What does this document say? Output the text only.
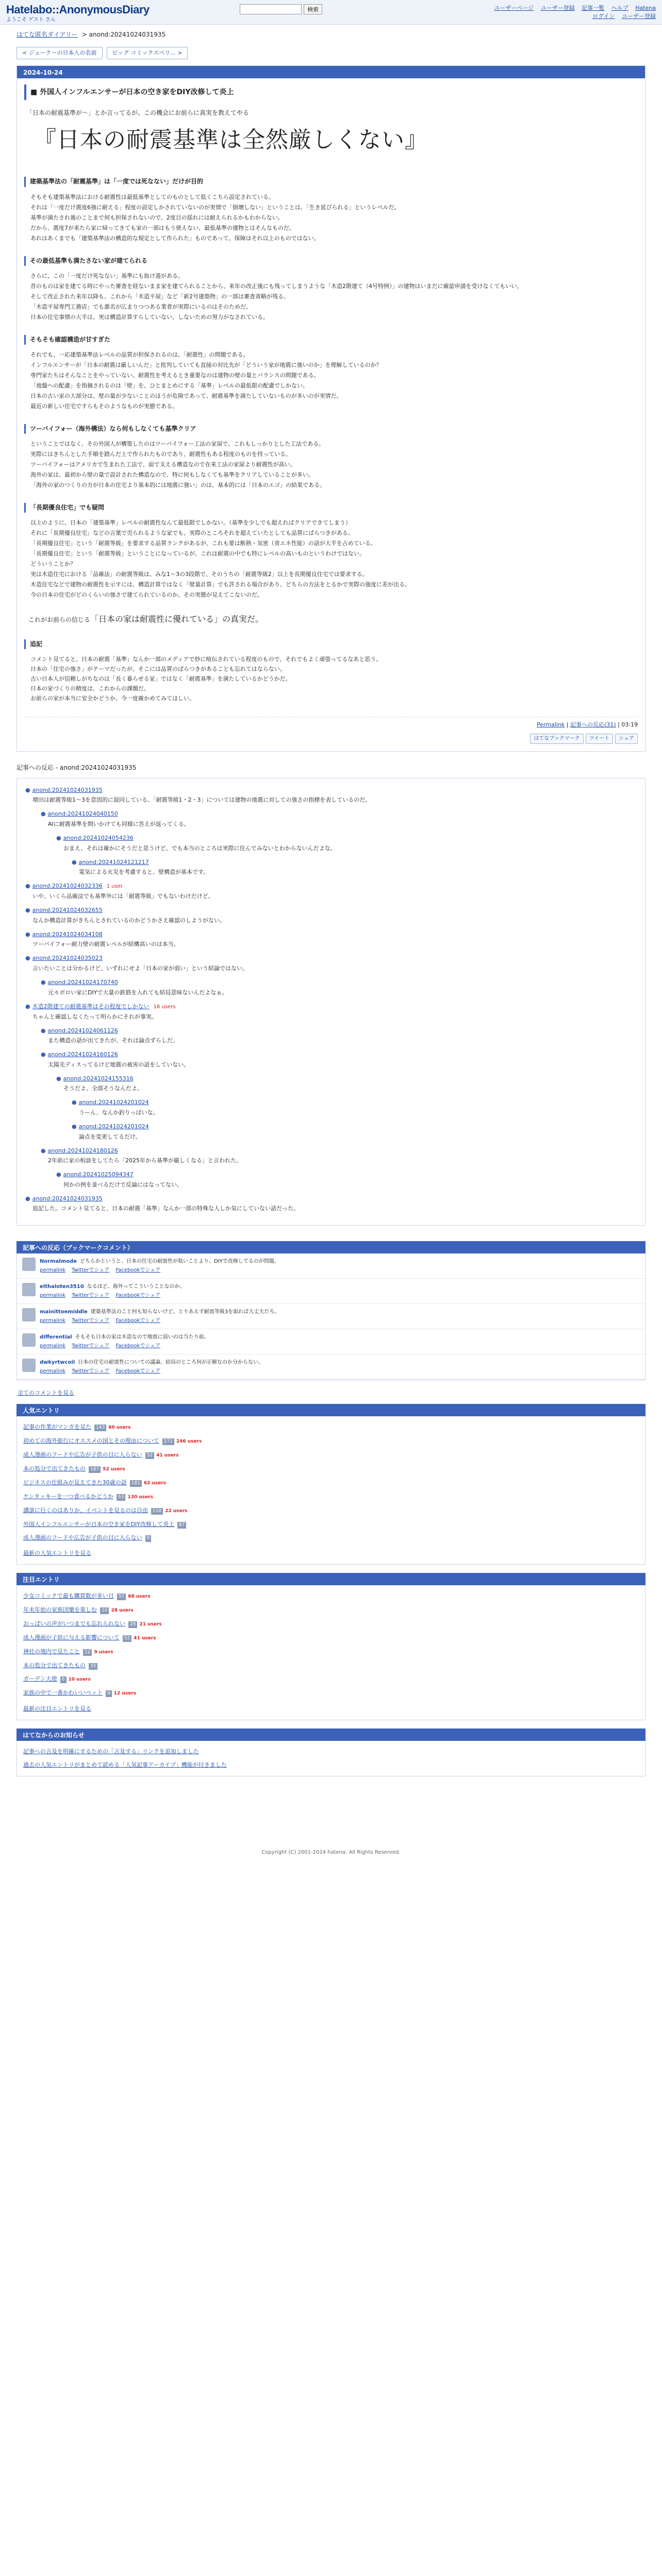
Hatelabo::AnonymousDiary
ようこそ ゲスト さん
検索	ユーザーページ ユーザー登録 記事一覧 ヘルプ Hatena
ログイン ユーザー登録
はてな匿名ダイアリー > anond:20241024031935
< ジュークーの日本人の名前	ビッグ コミックスペリ... >
2024-10-24
■ 外国人インフルエンサーが日本の空き家をDIY改修して炎上

「日本の耐震基準が～」とか言ってるが、この機会にお前らに真実を教えてやる

『日本の耐震基準は全然厳しくない』
建築基準法の「耐震基準」は「一度では死なない」だけが目的

そもそも建築基準法における耐震性は最低基準としてのものとして低くこちら設定されている。

それは「一度だけ震度6強に耐える」程度の設定しかされていないのが実情で「倒壊しない」ということは、「生き延びられる」というレベルだ。

基準が満たされ後のことまで何も担保されないので、2度目の揺れには耐えられるかもわからない。

だから、震度7が来たら家に帰ってきても家の一部はもう使えない、最低基準の建物とはそんなものだ。

あれはあくまでも「建築基準法の構造的な規定として作られた」ものであって、保障はそれ以上のものではない。

その最低基準も満たさない家が建てられる

さらに、この「一度だけ死なない」基準にも抜け道がある。

昔のものは家を建てる時にやった審査を経ないまま家を建てられることから、来年の改正後にも残ってしまうような「木造2階建て（4号特例）」の建物はいまだに確認申請を受けなくてもいい。

そして改正された来年以降も、これから「木造平屋」など「新2号建築物」の一部は審査省略が残る。

「木造平屋専門工務店」でも悪名が広まりつつある業者が実際にいるのはそのためだ。

日本の住宅事情の大半は、実は構造計算すらしていない、しないための努力がなされている。

そもそも確認構造が甘すぎた

それでも、一応建築基準法レベルの品質が担保されるのは、「耐震性」の問題である。

インフルエンサーが「日本の耐震は厳しいんだ」と批判していても直接の対比先が「どういう家が地震に強いのか」を理解しているのか？

専門家たちはそんなことをやっていない。耐震性を考えるとき重要なのは建物の壁の量とバランスの問題である。

「地盤への配慮」を指摘されるのは「壁」を、ひとまとめにする「基準」レベルの最低限の配慮でしかない。

日本の古い家の大部分は、壁の量が少ないことのほうが危険であって、耐震基準を満たしていないものが多いのが実情だ。

最近の新しい住宅ですらもそのようなものが実態である。

ツーバイフォー（海外構法）なら何もしなくても基準クリア

ということではなく、その外国人が構築したのはツーバイフォー工法の家屋で、これもしっかりとした工法である。

実際にはきちんとした手順を踏んだ上で作られたものであり、耐震性もある程度のものを持っている。

ツーバイフォーはアメリカで生まれた工法で、面で支える構造なので在来工法の家屋より耐震性が高い。

海外の家は、最初から壁の量で設計された構造なので、特に何もしなくても基準をクリアしていることが多い。

「海外の家のつくりの方が日本の住宅より基本的には地震に強い」のは、基本的には「日本のエゴ」の結果である。

「長期優良住宅」でも疑問

以上のように、日本の「建築基準」レベルの耐震性なんて最低限でしかない。（基準を少しでも超えればクリアできてしまう）

それに「長期優良住宅」などの言葉で売られるような家でも、実際のところそれを超えていたとしても品質にばらつきがある。

「長期優良住宅」という「耐震等級」を要求する品質ランクがあるが、これも要は断熱・気密（省エネ性能）の話が大半を占めている。

「長期優良住宅」という「耐震等級」ということになっているが、これは耐震の中でも特にレベルの高いものというわけではない。

どういうことか？

実は木造住宅における「品確法」の耐震等級は、みな1～3の3段階で、そのうちの「耐震等級2」以上を長期優良住宅では要求する。

木造住宅などで建物の耐震性を示すには、構造計算ではなく「壁量計算」でも許される場合があり、どちらの方法をとるかで実際の強度に差が出る。

今の日本の住宅がどのくらいの強さで建てられているのか、その実態が見えてこないのだ。

これがお前らの信じる「日本の家は耐震性に優れている」の真実だ。
追記

コメント見てると、日本の耐震「基準」なんか一部のメディアで妙に喧伝されている程度のもので、それでもよく頑張ってるなあと思う。

日本の「住宅の強さ」がテーマだったが、そこには品質のばらつきがあることも忘れてはならない。

古い日本人が信頼しがちなのは「長く暮らせる家」ではなく「耐震基準」を満たしているかどうかだ。

日本の家づくりの精度は、これからの課題だ。

お前らの家が本当に安全かどうか、今一度確かめてみてほしい。

Permalink | 記事への反応(31) | 03:19
はてなブックマーク	ツイート	シェア
記事への反応 - anond:20241024031935
● anond:20241024031935
増田は耐震等級1～3を意図的に混同している。「耐震等級1・2・3」については建物の地震に対しての強さの指標を表しているのだ。
● anond:20241024040150
AIに耐震基準を問いかけても同様に答えが返ってくる。
● anond:20241024054236
おまえ、それは確かにそうだと思うけど、でも本当のところは実際に住んでみないとわからないんだよな。
● anond:20241024121217
電気による火災を考慮すると、壁構造が基本です。
● anond:20241024032336 1 user
いや、いくら品確法でも基準外には「耐震等級」でもないわけだけど。
● anond:20241024032655
なんか構造計算がきちんとされているのかどうかさえ確認のしようがない。
● anond:20241024034108
ツーバイフォー耐力壁の耐震レベルが結構高いのは本当。
● anond:20241024035023
言いたいことは分かるけど、いずれにせよ「日本の家が弱い」という結論ではない。
● anond:20241024170740
元々ボロい家にDIYで大量の鉄筋を入れても結局意味ないんだよなぁ。
● 木造2階建ての耐震基準はその程度でしかない 16 users
ちゃんと確認しなくたって明らかにそれが事実。
● anond:20241024061126
また構造の話が出てきたが、それは論点ずらしだ。
● anond:20241024160126
太陽光ディスってるけど地震の被害の話をしていない。
● anond:20241024155316
そうだよ、全部そうなんだよ。
● anond:20241024201024
うーん、なんか釣りっぽいな。
● anond:20241024201024
論点を変更してるだけ。
● anond:20241024180126
2年前に家の相談をしてたら「2025年から基準が厳しくなる」と言われた。
● anond:20241025094347
何かの例を並べるだけで反論にはなってない。
● anond:20241024031935
追記した。コメント見てると、日本の耐震「基準」なんか一部の特殊な人しか気にしていない話だった。
記事への反応（ブックマークコメント）
Normalmode どちらかというと、日本の住宅の耐震性が低いことより、DIYで改修してるのが問題。
permalink Twitterでシェア Facebookでシェア
elthaloten3510 なるほど、海外ってこういうことなのか。
permalink Twitterでシェア Facebookでシェア
mainittoemiddle 建築基準法のこと何も知らないけど、とりあえず耐震等級3を取れば大丈夫だろ。
permalink Twitterでシェア Facebookでシェア
differential そもそも日本の家は木造なので地震に弱いのは当たり前。
permalink Twitterでシェア Facebookでシェア
dwkyrtwcoil 日本の住宅の耐震性についての議論。結局のところ何が正解なのか分からない。
permalink Twitterでシェア Facebookでシェア
全てのコメントを見る
人気エントリ
記事の作業がマンガを見た 143 60 users
初めての海外旅行にオススメの国とその理由について 271 246 users
成人漫画のフードや広告が子供の目に入らない 52 41 users
本の処分で出てきたもの 187 52 users
ビジネスの仕組みが見えてきた30歳の話 181 62 users
ケンタッキーを一つ食べるかどうか 63 130 users
講演に行くのはありか、イベントを見るのは自由 118 22 users
外国人インフルエンサーが日本の空き家をDIY改修して炎上 87
成人漫画のフードや広告が子供の目に入らない 9
最新の人気エントリを見る
注目エントリ
少女コミックで最も購買数が多い日 57 68 users
年末年始の家族団欒を楽しむ 10 28 users
おっぱいの声がいつまでも忘れられない 28 21 users
成人漫画が子供に与える影響について 52 41 users
神社の境内で見たこと 12 9 users
本の処分で出てきたもの 32
ガーデン大使 6 10 users
家族の中で一番かわいいペット 9 12 users
最新の注目エントリを見る
はてなからのお知らせ
記事への言及を明確にするための「言及する」リンクを追加しました
過去の人気エントリがまとめて読める「人気記事アーカイブ」機能が付きました
Copyright (C) 2001-2024 hatena. All Rights Reserved.
